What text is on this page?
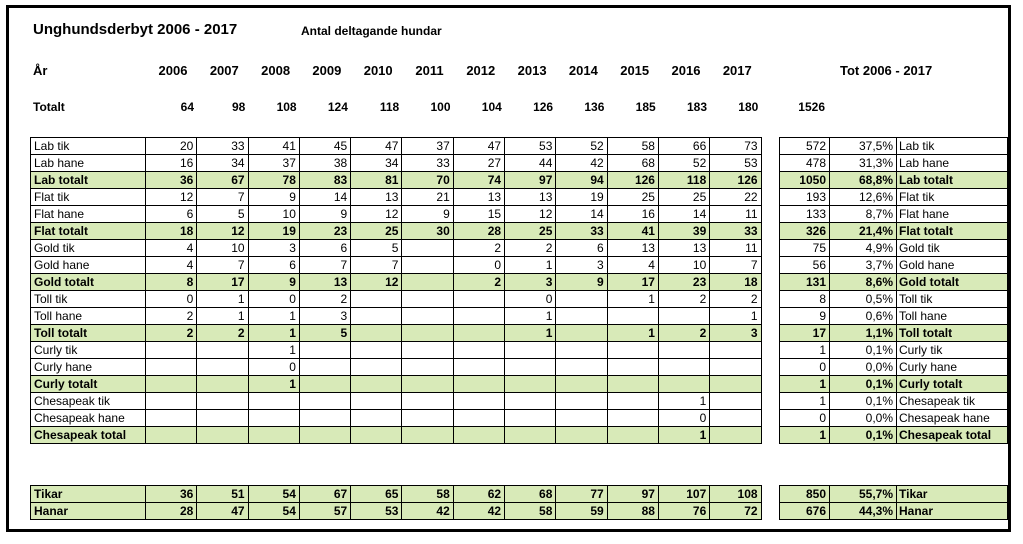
Unghundsderbyt 2006 - 2017	Antal deltagande hundar
År
Totalt
Tot 2006 - 2017
1526
2006	2007	2008	2009	2010	2011	2012	2013	2014	2015	2016	2017
64	98	108	124	118	100	104	126	136	185	183	180
Lab tik	20	33	41	45	47	37	47	53	52	58	66	73
Lab hane	16	34	37	38	34	33	27	44	42	68	52	53
Lab totalt	36	67	78	83	81	70	74	97	94	126	118	126
Flat tik	12	7	9	14	13	21	13	13	19	25	25	22
Flat hane	6	5	10	9	12	9	15	12	14	16	14	11
Flat totalt	18	12	19	23	25	30	28	25	33	41	39	33
Gold tik	4	10	3	6	5		2	2	6	13	13	11
Gold hane	4	7	6	7	7		0	1	3	4	10	7
Gold totalt	8	17	9	13	12		2	3	9	17	23	18
Toll tik	0	1	0	2				0		1	2	2
Toll hane	2	1	1	3				1				1
Toll totalt	2	2	1	5				1		1	2	3
Curly tik			1									
Curly hane			0									
Curly totalt			1									
Chesapeak tik											1	
Chesapeak hane											0	
Chesapeak total											1	
572	37,5%	Lab tik
478	31,3%	Lab hane
1050	68,8%	Lab totalt
193	12,6%	Flat tik
133	8,7%	Flat hane
326	21,4%	Flat totalt
75	4,9%	Gold tik
56	3,7%	Gold hane
131	8,6%	Gold totalt
8	0,5%	Toll tik
9	0,6%	Toll hane
17	1,1%	Toll totalt
1	0,1%	Curly tik
0	0,0%	Curly hane
1	0,1%	Curly totalt
1	0,1%	Chesapeak tik
0	0,0%	Chesapeak hane
1	0,1%	Chesapeak total
Tikar	36	51	54	67	65	58	62	68	77	97	107	108
Hanar	28	47	54	57	53	42	42	58	59	88	76	72
850	55,7%	Tikar
676	44,3%	Hanar
